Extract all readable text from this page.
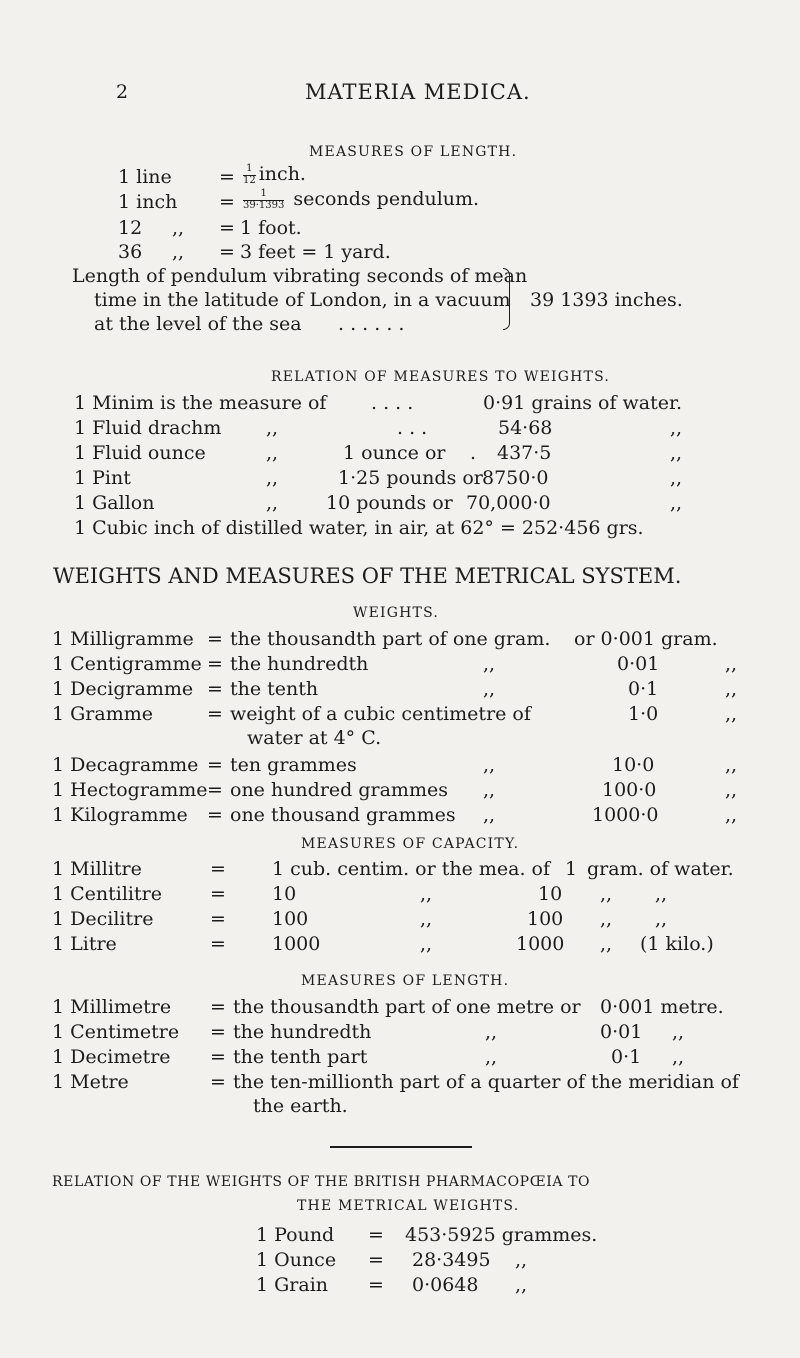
2	MATERIA MEDICA.
MEASURES OF LENGTH.
1 line = $\frac{1}{12}$ inch.
1 inch = $\frac{1}{39\cdot 1393}$ seconds pendulum.
12 ,, = 1 foot.
36 ,, = 3 feet = 1 yard.
Length of pendulum vibrating seconds of mean
time in the latitude of London, in a vacuum
at the level of the sea . . . . . .
39 1393 inches.
RELATION OF MEASURES TO WEIGHTS.
1 Minim is the measure of . . . .	0·91 grains of water.
1 Fluid drachm ,,	. . .	54·68	,,
1 Fluid ounce	,,	1 ounce or . 437·5	,,
1 Pint	,,	1·25 pounds or 8750·0	,,
1 Gallon	,,	10 pounds or 70,000·0	,,
1 Cubic inch of distilled water, in air, at 62° = 252·456 grs.
WEIGHTS AND MEASURES OF THE METRICAL SYSTEM.
WEIGHTS.
1 Milligramme = the thousandth part of one gram. or 0·001 gram.
1 Centigramme = the hundredth	,,	0·01	,,
1 Decigramme = the tenth	,,	0·1	,,
1 Gramme	= weight of a cubic centimetre of	1·0	,,
water at 4° C.
1 Decagramme = ten grammes	,,	10·0	,,
1 Hectogramme = one hundred grammes ,,	100·0	,,
1 Kilogramme = one thousand grammes ,,	1000·0	,,
MEASURES OF CAPACITY.
1 Millitre	= 1 cub. centim. or the mea. of 1 gram. of water.
1 Centilitre	= 10	,,	10 ,, ,,
1 Decilitre	= 100	,,	100 ,, ,,
1 Litre	= 1000	,,	1000 ,, (1 kilo.)
MEASURES OF LENGTH.
1 Millimetre = the thousandth part of one metre or 0·001 metre.
1 Centimetre = the hundredth	,,	0·01 ,,
1 Decimetre = the tenth part	,,	0·1 ,,
1 Metre	= the ten-millionth part of a quarter of the meridian of
the earth.
RELATION OF THE WEIGHTS OF THE BRITISH PHARMACOPŒIA TO
THE METRICAL WEIGHTS.
1 Pound = 453·5925 grammes.
1 Ounce = 28·3495 ,,
1 Grain = 0·0648 ,,
